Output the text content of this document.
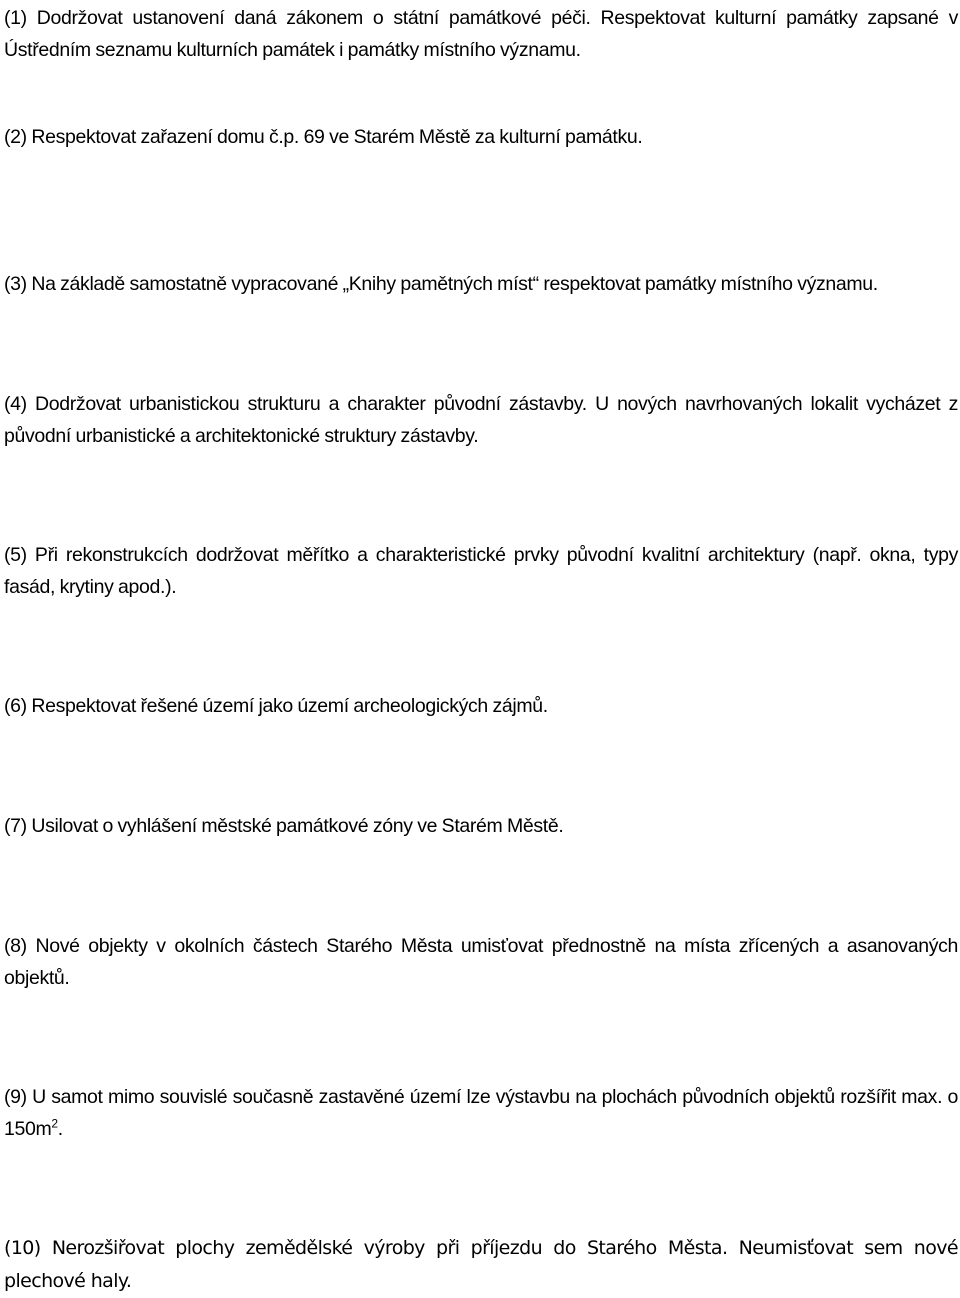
(1) Dodržovat ustanovení daná zákonem o státní památkové péči. Respektovat kulturní památky zapsané v Ústředním seznamu kulturních památek i památky místního významu.

(2) Respektovat zařazení domu č.p. 69 ve Starém Městě za kulturní památku.

(3) Na základě samostatně vypracované „Knihy pamětných míst“ respektovat památky místního významu.

(4) Dodržovat urbanistickou strukturu a charakter původní zástavby. U nových navrhovaných lokalit vycházet z původní urbanistické a architektonické struktury zástavby.

(5) Při rekonstrukcích dodržovat měřítko a charakteristické prvky původní kvalitní architektury (např. okna, typy fasád, krytiny apod.).

(6) Respektovat řešené území jako území archeologických zájmů.

(7) Usilovat o vyhlášení městské památkové zóny ve Starém Městě.

(8) Nové objekty v okolních částech Starého Města umisťovat přednostně na místa zřícených a asanovaných objektů.

(9) U samot mimo souvislé současně zastavěné území lze výstavbu na plochách původních objektů rozšířit max. o $150m^2$.

(10) Nerozšiřovat plochy zemědělské výroby při příjezdu do Starého Města. Neumisťovat sem nové plechové haly.
